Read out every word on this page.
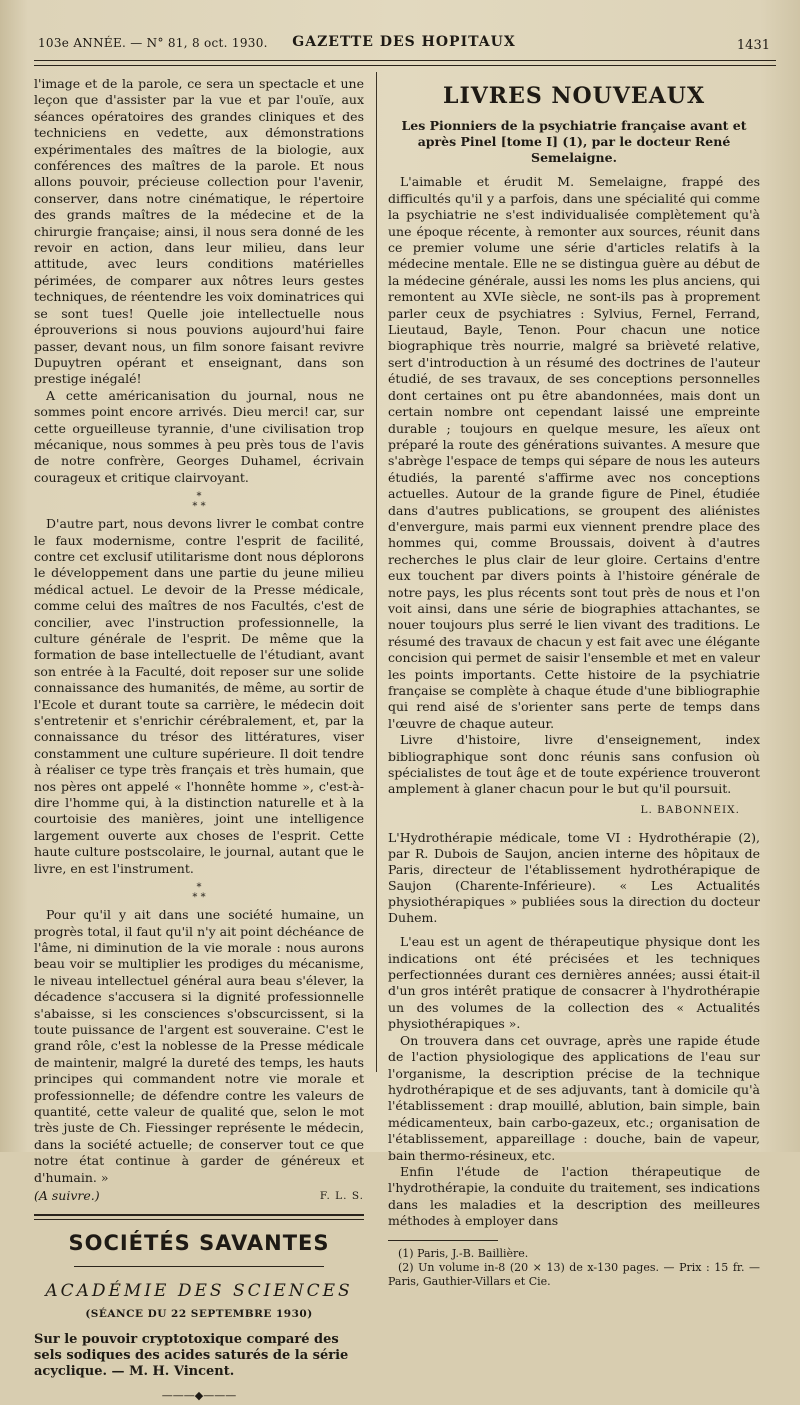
103e ANNÉE. — N° 81, 8 oct. 1930.	GAZETTE DES HOPITAUX	1431

l'image et de la parole, ce sera un spectacle et une leçon que d'assister par la vue et par l'ouïe, aux séances opératoires des grandes cliniques et des techniciens en vedette, aux démonstrations expérimentales des maîtres de la biologie, aux conférences des maîtres de la parole. Et nous allons pouvoir, précieuse collection pour l'avenir, conserver, dans notre cinématique, le répertoire des grands maîtres de la médecine et de la chirurgie française; ainsi, il nous sera donné de les revoir en action, dans leur milieu, dans leur attitude, avec leurs conditions matérielles périmées, de comparer aux nôtres leurs gestes techniques, de réentendre les voix dominatrices qui se sont tues! Quelle joie intellectuelle nous éprouverions si nous pouvions aujourd'hui faire passer, devant nous, un film sonore faisant revivre Dupuytren opérant et enseignant, dans son prestige inégalé!

A cette américanisation du journal, nous ne sommes point encore arrivés. Dieu merci! car, sur cette orgueilleuse tyrannie, d'une civilisation trop mécanique, nous sommes à peu près tous de l'avis de notre confrère, Georges Duhamel, écrivain courageux et critique clairvoyant.

*
* *

D'autre part, nous devons livrer le combat contre le faux modernisme, contre l'esprit de facilité, contre cet exclusif utilitarisme dont nous déplorons le développement dans une partie du jeune milieu médical actuel. Le devoir de la Presse médicale, comme celui des maîtres de nos Facultés, c'est de concilier, avec l'instruction professionnelle, la culture générale de l'esprit. De même que la formation de base intellectuelle de l'étudiant, avant son entrée à la Faculté, doit reposer sur une solide connaissance des humanités, de même, au sortir de l'Ecole et durant toute sa carrière, le médecin doit s'entretenir et s'enrichir cérébralement, et, par la connaissance du trésor des littératures, viser constamment une culture supérieure. Il doit tendre à réaliser ce type très français et très humain, que nos pères ont appelé « l'honnête homme », c'est-à-dire l'homme qui, à la distinction naturelle et à la courtoisie des manières, joint une intelligence largement ouverte aux choses de l'esprit. Cette haute culture postscolaire, le journal, autant que le livre, en est l'instrument.

*
* *

Pour qu'il y ait dans une société humaine, un progrès total, il faut qu'il n'y ait point déchéance de l'âme, ni diminution de la vie morale : nous aurons beau voir se multiplier les prodiges du mécanisme, le niveau intellectuel général aura beau s'élever, la décadence s'accusera si la dignité professionnelle s'abaisse, si les consciences s'obscurcissent, si la toute puissance de l'argent est souveraine. C'est le grand rôle, c'est la noblesse de la Presse médicale de maintenir, malgré la dureté des temps, les hauts principes qui commandent notre vie morale et professionnelle; de défendre contre les valeurs de quantité, cette valeur de qualité que, selon le mot très juste de Ch. Fiessinger représente le médecin, dans la société actuelle; de conserver tout ce que notre état continue à garder de généreux et d'humain. »

(A suivre.)	F. L. S.
SOCIÉTÉS SAVANTES
ACADÉMIE DES SCIENCES
(SÉANCE DU 22 SEPTEMBRE 1930)
Sur le pouvoir cryptotoxique comparé des sels sodiques des acides saturés de la série acyclique. — M. H. Vincent.
———◆———
LIVRES NOUVEAUX
Les Pionniers de la psychiatrie française avant et après Pinel [tome I] (1), par le docteur René Semelaigne.

L'aimable et érudit M. Semelaigne, frappé des difficultés qu'il y a parfois, dans une spécialité qui comme la psychiatrie ne s'est individualisée complètement qu'à une époque récente, à remonter aux sources, réunit dans ce premier volume une série d'articles relatifs à la médecine mentale. Elle ne se distingua guère au début de la médecine générale, aussi les noms les plus anciens, qui remontent au XVIe siècle, ne sont-ils pas à proprement parler ceux de psychiatres : Sylvius, Fernel, Ferrand, Lieutaud, Bayle, Tenon. Pour chacun une notice biographique très nourrie, malgré sa brièveté relative, sert d'introduction à un résumé des doctrines de l'auteur étudié, de ses travaux, de ses conceptions personnelles dont certaines ont pu être abandonnées, mais dont un certain nombre ont cependant laissé une empreinte durable ; toujours en quelque mesure, les aïeux ont préparé la route des générations suivantes. A mesure que s'abrège l'espace de temps qui sépare de nous les auteurs étudiés, la parenté s'affirme avec nos conceptions actuelles. Autour de la grande figure de Pinel, étudiée dans d'autres publications, se groupent des aliénistes d'envergure, mais parmi eux viennent prendre place des hommes qui, comme Broussais, doivent à d'autres recherches le plus clair de leur gloire. Certains d'entre eux touchent par divers points à l'histoire générale de notre pays, les plus récents sont tout près de nous et l'on voit ainsi, dans une série de biographies attachantes, se nouer toujours plus serré le lien vivant des traditions. Le résumé des travaux de chacun y est fait avec une élégante concision qui permet de saisir l'ensemble et met en valeur les points importants. Cette histoire de la psychiatrie française se complète à chaque étude d'une bibliographie qui rend aisé de s'orienter sans perte de temps dans l'œuvre de chaque auteur.

Livre d'histoire, livre d'enseignement, index bibliographique sont donc réunis sans confusion où spécialistes de tout âge et de toute expérience trouveront amplement à glaner chacun pour le but qu'il poursuit.

L. BABONNEIX.
L'Hydrothérapie médicale, tome VI : Hydrothérapie (2), par R. Dubois de Saujon, ancien interne des hôpitaux de Paris, directeur de l'établissement hydrothérapique de Saujon (Charente-Inférieure). « Les Actualités physiothérapiques » publiées sous la direction du docteur Duhem.

L'eau est un agent de thérapeutique physique dont les indications ont été précisées et les techniques perfectionnées durant ces dernières années; aussi était-il d'un gros intérêt pratique de consacrer à l'hydrothérapie un des volumes de la collection des « Actualités physiothérapiques ».

On trouvera dans cet ouvrage, après une rapide étude de l'action physiologique des applications de l'eau sur l'organisme, la description précise de la technique hydrothérapique et de ses adjuvants, tant à domicile qu'à l'établissement : drap mouillé, ablution, bain simple, bain médicamenteux, bain carbo-gazeux, etc.; organisation de l'établissement, appareillage : douche, bain de vapeur, bain thermo-résineux, etc.

Enfin l'étude de l'action thérapeutique de l'hydrothérapie, la conduite du traitement, ses indications dans les maladies et la description des meilleures méthodes à employer dans

(1) Paris, J.-B. Baillière.

(2) Un volume in-8 (20 × 13) de x-130 pages. — Prix : 15 fr. — Paris, Gauthier-Villars et Cie.
